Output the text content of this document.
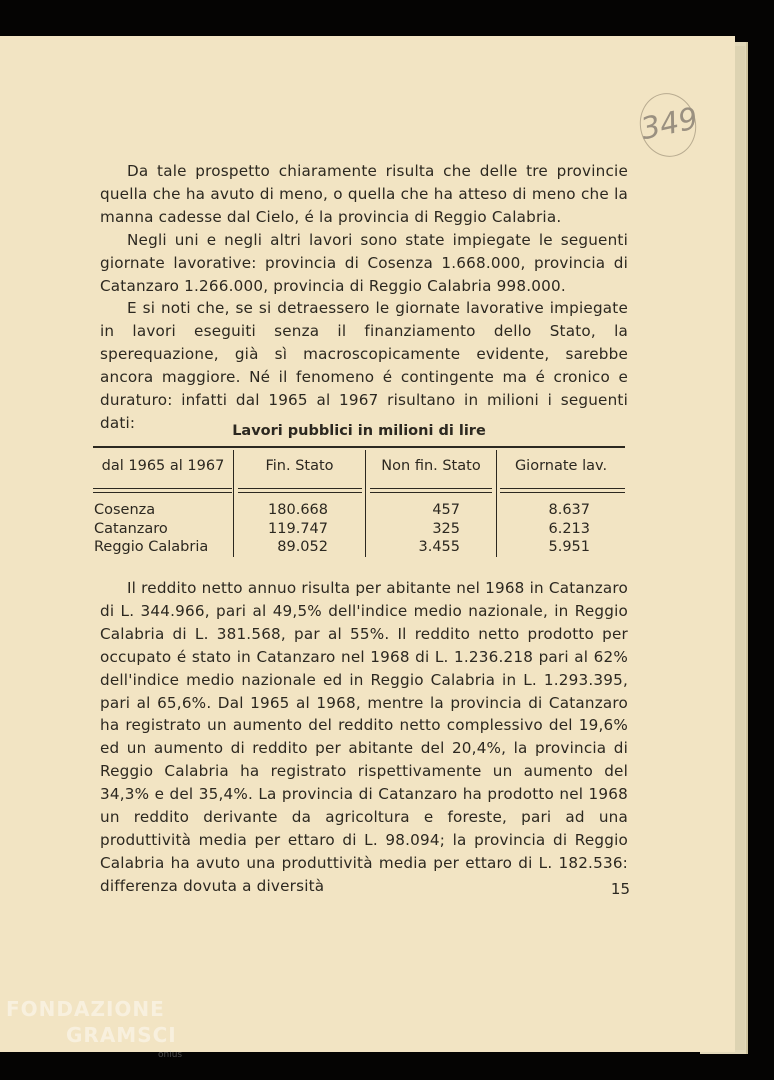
349

Da tale prospetto chiaramente risulta che delle tre provincie quella che ha avuto di meno, o quella che ha atteso di meno che la manna cadesse dal Cielo, é la provincia di Reggio Calabria.

Negli uni e negli altri lavori sono state impiegate le seguenti giornate lavorative: provincia di Cosenza 1.668.000, provincia di Catanzaro 1.266.000, provincia di Reggio Calabria 998.000.

E si noti che, se si detraessero le giornate lavorative impiegate in lavori eseguiti senza il finanziamento dello Stato, la sperequazione, già sì macroscopicamente evidente, sarebbe ancora maggiore. Né il fenomeno é contingente ma é cronico e duraturo: infatti dal 1965 al 1967 risultano in milioni i seguenti dati:	Lavori pubblici in milioni di lire
dal 1965 al 1967	Fin. Stato	Non fin. Stato	Giornate lav.
Cosenza	180.668	457	8.637
Catanzaro	119.747	325	6.213
Reggio Calabria	89.052	3.455	5.951

Il reddito netto annuo risulta per abitante nel 1968 in Catanzaro di L. 344.966, pari al 49,5% dell'indice medio nazionale, in Reggio Calabria di L. 381.568, par al 55%. Il reddito netto prodotto per occupato é stato in Catanzaro nel 1968 di L. 1.236.218 pari al 62% dell'indice medio nazionale ed in Reggio Calabria in L. 1.293.395, pari al 65,6%. Dal 1965 al 1968, mentre la provincia di Catanzaro ha registrato un aumento del reddito netto complessivo del 19,6% ed un aumento di reddito per abitante del 20,4%, la provincia di Reggio Calabria ha registrato rispettivamente un aumento del 34,3% e del 35,4%. La provincia di Catanzaro ha prodotto nel 1968 un reddito derivante da agricoltura e foreste, pari ad una produttività media per ettaro di L. 98.094; la provincia di Reggio Calabria ha avuto una produttività media per ettaro di L. 182.536: differenza dovuta a diversità	15
FONDAZIONE
GRAMSCI
onlus
